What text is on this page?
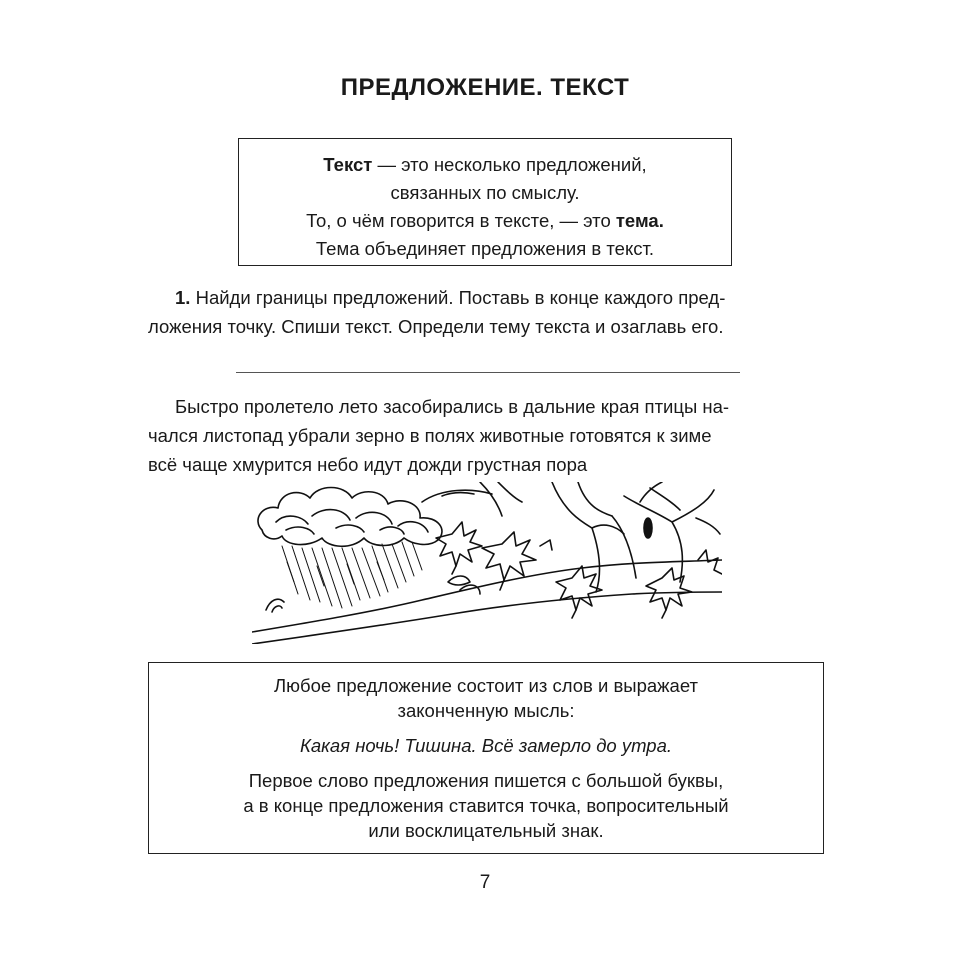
ПРЕДЛОЖЕНИЕ. ТЕКСТ

Текст — это несколько предложений,

связанных по смыслу.

То, о чём говорится в тексте, — это тема.

Тема объединяет предложения в текст.

1. Найди границы предложений. Поставь в конце каждого пред-

ложения точку. Спиши текст. Определи тему текста и озаглавь его.

Быстро пролетело лето засобирались в дальние края птицы на-

чался листопад убрали зерно в полях животные готовятся к зиме

всё чаще хмурится небо идут дожди грустная пора

Любое предложение состоит из слов и выражает

законченную мысль:

Какая ночь! Тишина. Всё замерло до утра.

Первое слово предложения пишется с большой буквы,

а в конце предложения ставится точка, вопросительный

или восклицательный знак.

7
